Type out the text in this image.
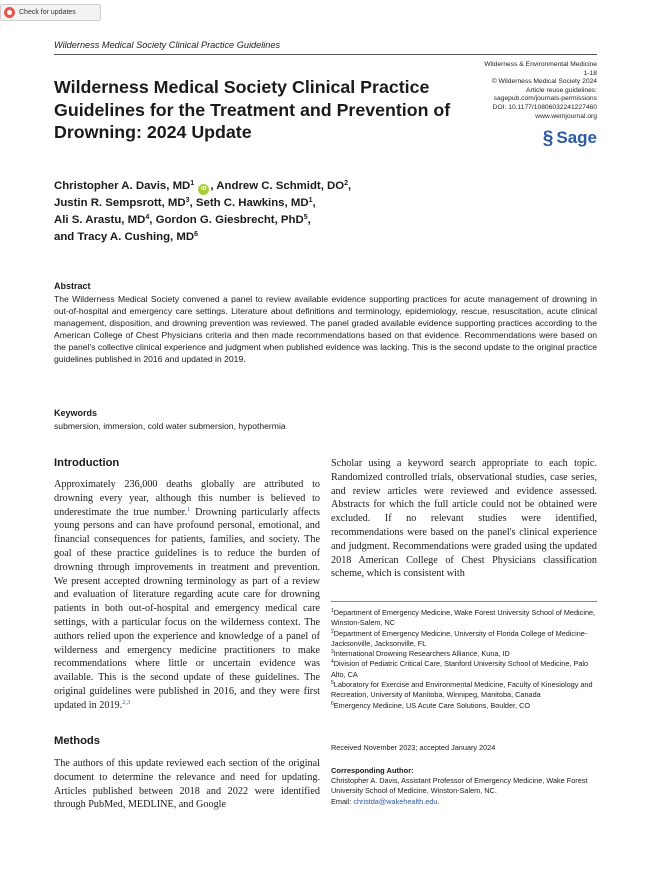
Check for updates
Wilderness Medical Society Clinical Practice Guidelines
Wilderness & Environmental Medicine
1-18
© Wilderness Medical Society 2024
Article reuse guidelines:
sagepub.com/journals-permissions
DOI: 10.1177/10806032241227460
www.wemjournal.org
§ Sage
Wilderness Medical Society Clinical Practice Guidelines for the Treatment and Prevention of Drowning: 2024 Update
Christopher A. Davis, $MD^1$ iD , Andrew C. Schmidt, $DO^2$,
Justin R. Sempsrott, $MD^3$, Seth C. Hawkins, $MD^1$,
Ali S. Arastu, $MD^4$, Gordon G. Giesbrecht, PhD$^5$,
and Tracy A. Cushing, $MD^6$
Abstract

The Wilderness Medical Society convened a panel to review available evidence supporting practices for acute management of drowning in out-of-hospital and emergency care settings. Literature about definitions and terminology, epidemiology, rescue, resuscitation, acute clinical management, disposition, and drowning prevention was reviewed. The panel graded available evidence supporting practices according to the American College of Chest Physicians criteria and then made recommendations based on that evidence. Recommendations were based on the panel's collective clinical experience and judgment when published evidence was lacking. This is the second update to the original practice guidelines published in 2016 and updated in 2019.

Keywords

submersion, immersion, cold water submersion, hypothermia

Introduction

Approximately 236,000 deaths globally are attributed to drowning every year, although this number is believed to underestimate the true number.$^1$ Drowning particularly affects young persons and can have profound personal, emotional, and financial consequences for patients, families, and society. The goal of these practice guidelines is to reduce the burden of drowning through improvements in treatment and prevention. We present accepted drowning terminology as part of a review and evaluation of literature regarding acute care for drowning patients in both out-of-hospital and emergency medical care settings, with a particular focus on the wilderness context. The authors relied upon the experience and knowledge of a panel of wilderness and emergency medicine practitioners to make recommendations where little or uncertain evidence was available. This is the second update of these guidelines. The original guidelines were published in 2016, and they were first updated in 2019.$^{2,3}$

Methods

The authors of this update reviewed each section of the original document to determine the relevance and need for updating. Articles published between 2018 and 2022 were identified through PubMed, MEDLINE, and Google

Scholar using a keyword search appropriate to each topic. Randomized controlled trials, observational studies, case series, and review articles were reviewed and evidence assessed. Abstracts for which the full article could not be obtained were excluded. If no relevant studies were identified, recommendations were based on the panel's clinical experience and judgment. Recommendations were graded using the updated 2018 American College of Chest Physicians classification scheme, which is consistent with

$^1$Department of Emergency Medicine, Wake Forest University School of Medicine, Winston-Salem, NC
$^2$Department of Emergency Medicine, University of Florida College of Medicine-Jacksonville, Jacksonville, FL
$^3$International Drowning Researchers Alliance, Kuna, ID
$^4$Division of Pediatric Critical Care, Stanford University School of Medicine, Palo Alto, CA
$^5$Laboratory for Exercise and Environmental Medicine, Faculty of Kinesiology and Recreation, University of Manitoba, Winnipeg, Manitoba, Canada
$^6$Emergency Medicine, US Acute Care Solutions, Boulder, CO
Received November 2023; accepted January 2024
Corresponding Author:
Christopher A. Davis, Assistant Professor of Emergency Medicine, Wake Forest University School of Medicine, Winston-Salem, NC.
Email: christda@wakehealth.edu.
